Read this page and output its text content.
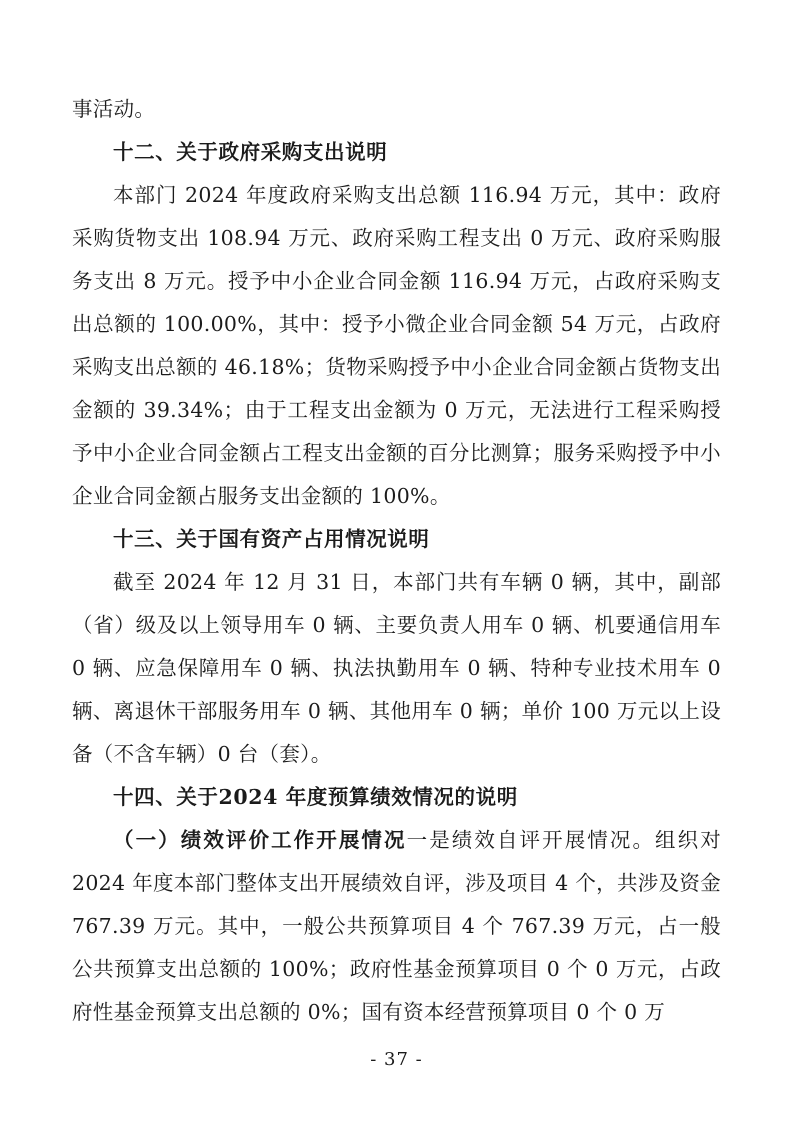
事活动。

十二、关于政府采购支出说明

本部门 2024 年度政府采购支出总额 116.94 万元，其中：政府采购货物支出 108.94 万元、政府采购工程支出 0 万元、政府采购服务支出 8 万元。授予中小企业合同金额 116.94 万元，占政府采购支出总额的 100.00%，其中：授予小微企业合同金额 54 万元，占政府采购支出总额的 46.18%；货物采购授予中小企业合同金额占货物支出金额的 39.34%；由于工程支出金额为 0 万元，无法进行工程采购授予中小企业合同金额占工程支出金额的百分比测算；服务采购授予中小企业合同金额占服务支出金额的 100%。

十三、关于国有资产占用情况说明

截至 2024 年 12 月 31 日，本部门共有车辆 0 辆，其中，副部（省）级及以上领导用车 0 辆、主要负责人用车 0 辆、机要通信用车 0 辆、应急保障用车 0 辆、执法执勤用车 0 辆、特种专业技术用车 0 辆、离退休干部服务用车 0 辆、其他用车 0 辆；单价 100 万元以上设备（不含车辆）0 台（套）。

十四、关于2024 年度预算绩效情况的说明

（一）绩效评价工作开展情况一是绩效自评开展情况。组织对 2024 年度本部门整体支出开展绩效自评，涉及项目 4 个，共涉及资金 767.39 万元。其中，一般公共预算项目 4 个 767.39 万元，占一般公共预算支出总额的 100%；政府性基金预算项目 0 个 0 万元，占政府性基金预算支出总额的 0%；国有资本经营预算项目 0 个 0 万

- 37 -
